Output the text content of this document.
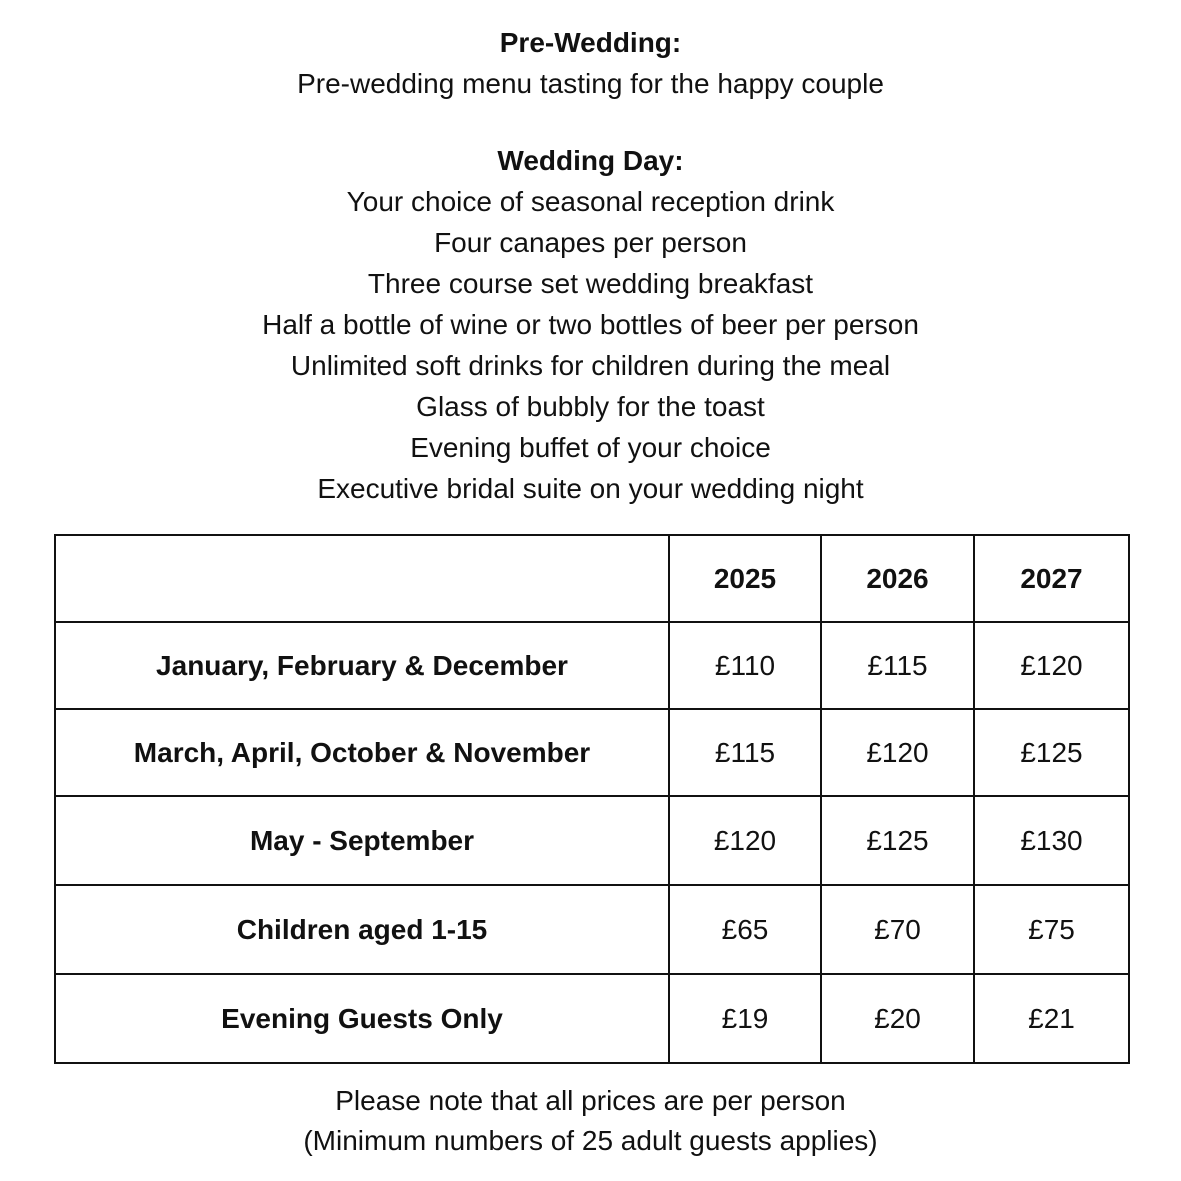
Pre-Wedding:
Pre-wedding menu tasting for the happy couple
Wedding Day:
Your choice of seasonal reception drink
Four canapes per person
Three course set wedding breakfast
Half a bottle of wine or two bottles of beer per person
Unlimited soft drinks for children during the meal
Glass of bubbly for the toast
Evening buffet of your choice
Executive bridal suite on your wedding night
	2025	2026	2027
January, February & December	£110	£115	£120
March, April, October & November	£115	£120	£125
May - September	£120	£125	£130
Children aged 1-15	£65	£70	£75
Evening Guests Only	£19	£20	£21
Please note that all prices are per person
(Minimum numbers of 25 adult guests applies)
